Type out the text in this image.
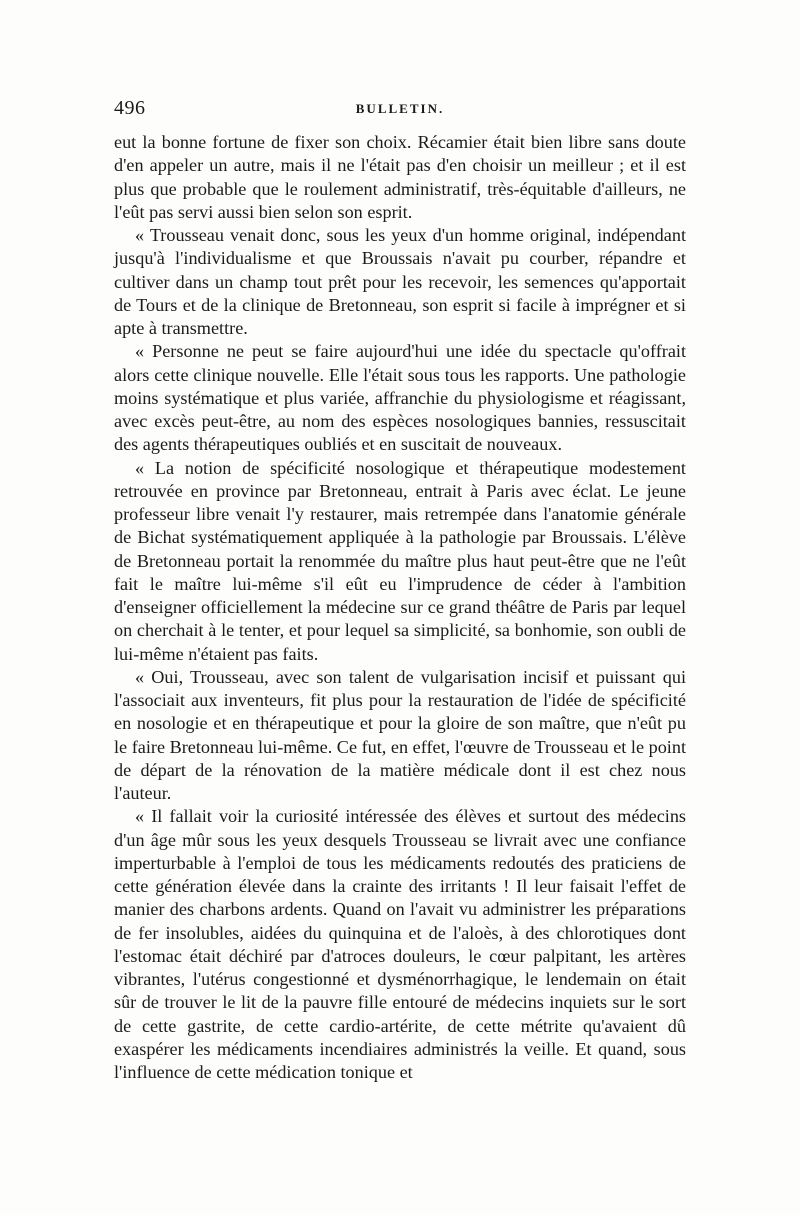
496	BULLETIN.

eut la bonne fortune de fixer son choix. Récamier était bien libre sans doute d'en appeler un autre, mais il ne l'était pas d'en choisir un meilleur ; et il est plus que probable que le roulement administratif, très-équitable d'ailleurs, ne l'eût pas servi aussi bien selon son esprit.

« Trousseau venait donc, sous les yeux d'un homme original, indépendant jusqu'à l'individualisme et que Broussais n'avait pu courber, répandre et cultiver dans un champ tout prêt pour les recevoir, les semences qu'apportait de Tours et de la clinique de Bretonneau, son esprit si facile à imprégner et si apte à transmettre.

« Personne ne peut se faire aujourd'hui une idée du spectacle qu'offrait alors cette clinique nouvelle. Elle l'était sous tous les rapports. Une pathologie moins systématique et plus variée, affranchie du physiologisme et réagissant, avec excès peut-être, au nom des espèces nosologiques bannies, ressuscitait des agents thérapeutiques oubliés et en suscitait de nouveaux.

« La notion de spécificité nosologique et thérapeutique modestement retrouvée en province par Bretonneau, entrait à Paris avec éclat. Le jeune professeur libre venait l'y restaurer, mais retrempée dans l'anatomie générale de Bichat systématiquement appliquée à la pathologie par Broussais. L'élève de Bretonneau portait la renommée du maître plus haut peut-être que ne l'eût fait le maître lui-même s'il eût eu l'imprudence de céder à l'ambition d'enseigner officiellement la médecine sur ce grand théâtre de Paris par lequel on cherchait à le tenter, et pour lequel sa simplicité, sa bonhomie, son oubli de lui-même n'étaient pas faits.

« Oui, Trousseau, avec son talent de vulgarisation incisif et puissant qui l'associait aux inventeurs, fit plus pour la restauration de l'idée de spécificité en nosologie et en thérapeutique et pour la gloire de son maître, que n'eût pu le faire Bretonneau lui-même. Ce fut, en effet, l'œuvre de Trousseau et le point de départ de la rénovation de la matière médicale dont il est chez nous l'auteur.

« Il fallait voir la curiosité intéressée des élèves et surtout des médecins d'un âge mûr sous les yeux desquels Trousseau se livrait avec une confiance imperturbable à l'emploi de tous les médicaments redoutés des praticiens de cette génération élevée dans la crainte des irritants ! Il leur faisait l'effet de manier des charbons ardents. Quand on l'avait vu administrer les préparations de fer insolubles, aidées du quinquina et de l'aloès, à des chlorotiques dont l'estomac était déchiré par d'atroces douleurs, le cœur palpitant, les artères vibrantes, l'utérus congestionné et dysménorrhagique, le lendemain on était sûr de trouver le lit de la pauvre fille entouré de médecins inquiets sur le sort de cette gastrite, de cette cardio-artérite, de cette métrite qu'avaient dû exaspérer les médicaments incendiaires administrés la veille. Et quand, sous l'influence de cette médication tonique et
